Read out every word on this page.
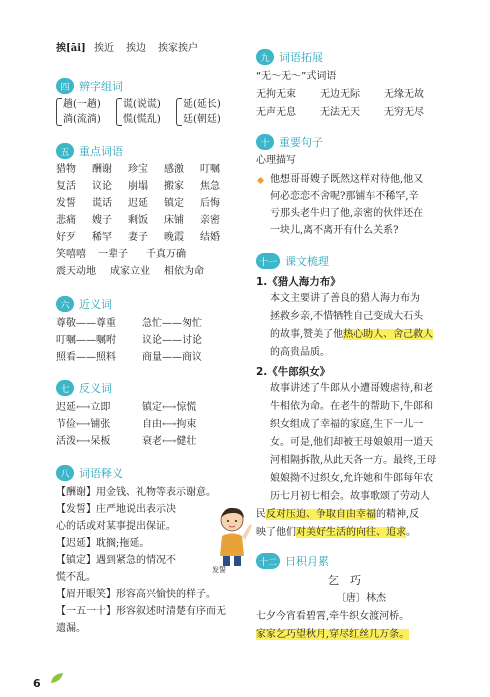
挨[āi] 挨近	挨边	挨家挨户
四 辨字组词
趟(一趟)
淌(流淌)
谎(说谎)
慌(慌乱)
延(延长)
廷(朝廷)
五 重点词语
猎物	酬谢	珍宝	感激	叮嘱
复活	议论	崩塌	搬家	焦急
发誓	谎话	迟延	镇定	后悔
悲痛	嫂子	剩饭	床铺	亲密
好歹	稀罕	妻子	晚霞	结婚
笑嘻嘻	一辈子	千真万确
震天动地	成家立业	相依为命
六 近义词
尊敬——尊重	急忙——匆忙
叮嘱——嘱咐	议论——讨论
照看——照料	商量——商议
七 反义词
迟延⟷立即	镇定⟷惊慌
节俭⟷铺张	自由⟷拘束
活泼⟷呆板	衰老⟷健壮
八 词语释义
【酬谢】用金钱、礼物等表示谢意。
【发誓】庄严地说出表示决
心的话或对某事提出保证。
【迟延】耽搁;拖延。
【镇定】遇到紧急的情况不
慌不乱。
【眉开眼笑】形容高兴愉快的样子。
【一五一十】形容叙述时清楚有序而无
遗漏。
发誓
九 词语拓展
“无～无～”式词语
无拘无束	无边无际	无缘无故
无声无息	无法无天	无穷无尽
十 重要句子
心理描写
他想哥哥嫂子既然这样对待他,他又
何必恋恋不舍呢?那铺车不稀罕,辛
亏那头老牛归了他,亲密的伙伴还在
一块儿,离不离开有什么关系?
十一 课文梳理
1.《猎人海力布》
本文主要讲了善良的猎人海力布为
拯救乡亲,不惜牺牲自己变成大石头
的故事,赞美了他热心助人、舍己救人
的高贵品质。
2.《牛郎织女》
故事讲述了牛郎从小遭哥嫂虐待,和老
牛相依为命。在老牛的帮助下,牛郎和
织女组成了幸福的家庭,生下一儿一
女。可是,他们却被王母娘娘用一道天
河相隔拆散,从此天各一方。最终,王母
娘娘拗不过织女,允许她和牛郎每年农
历七月初七相会。故事歌颂了劳动人
民反对压迫、争取自由幸福的精神,反
映了他们对美好生活的向往、追求。
十二 日积月累
乞　巧
〔唐〕林杰
七夕今宵看碧霄,牵牛织女渡河桥。
家家乞巧望秋月,穿尽红丝几万条。
6
